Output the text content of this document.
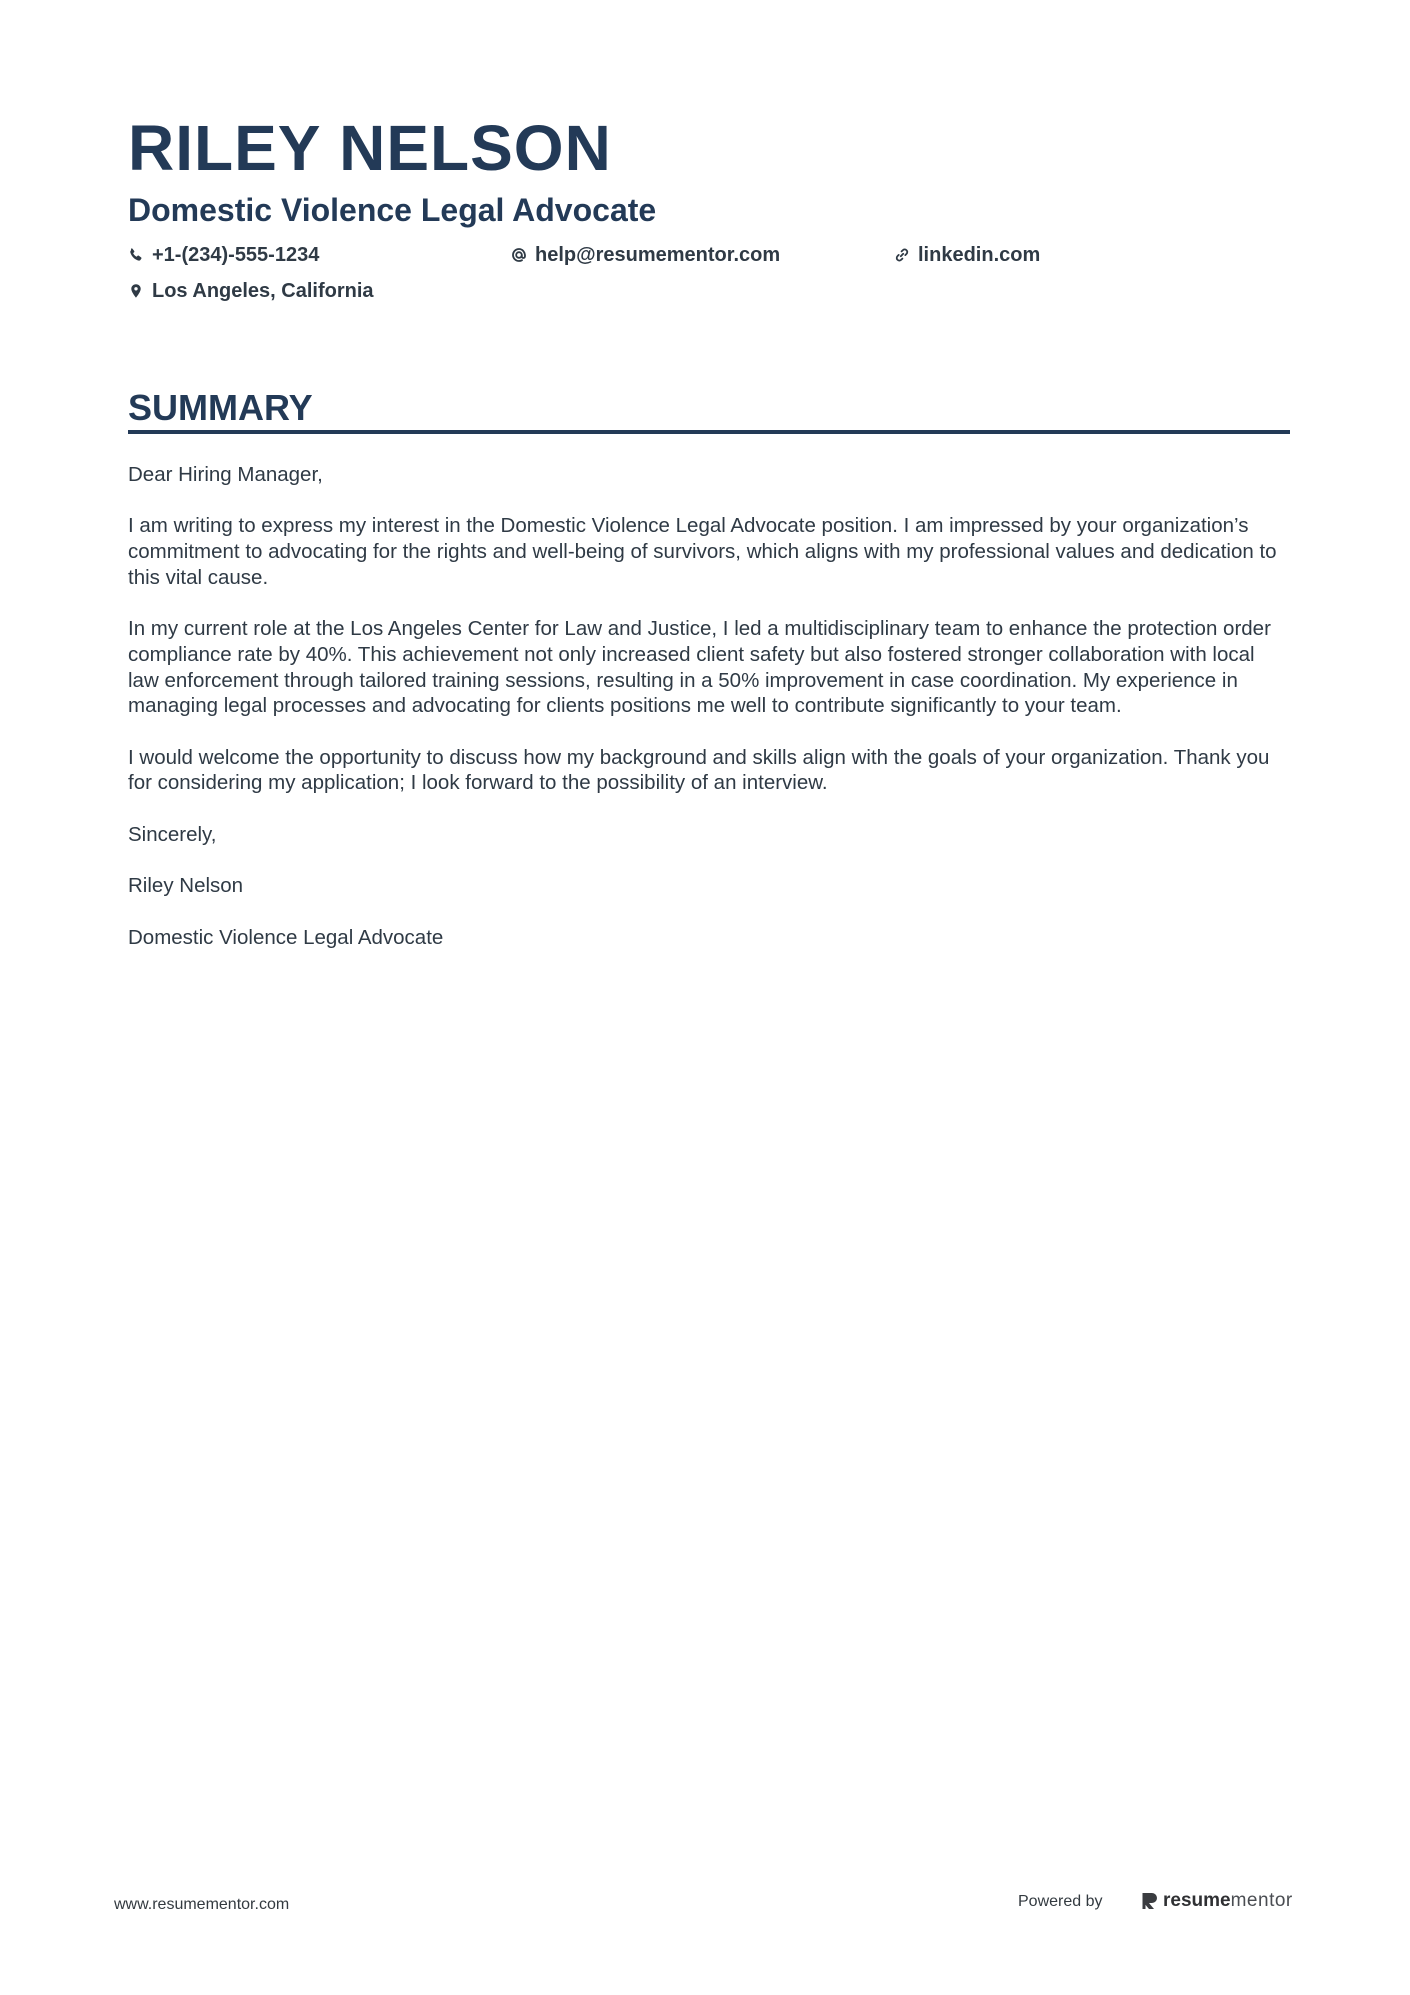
RILEY NELSON
Domestic Violence Legal Advocate
+1-(234)-555-1234	help@resumementor.com	linkedin.com
Los Angeles, California
SUMMARY

Dear Hiring Manager,

I am writing to express my interest in the Domestic Violence Legal Advocate position. I am impressed by your organization’s commitment to advocating for the rights and well-being of survivors, which aligns with my professional values and dedication to this vital cause.

In my current role at the Los Angeles Center for Law and Justice, I led a multidisciplinary team to enhance the protection order compliance rate by 40%. This achievement not only increased client safety but also fostered stronger collaboration with local law enforcement through tailored training sessions, resulting in a 50% improvement in case coordination. My experience in managing legal processes and advocating for clients positions me well to contribute significantly to your team.

I would welcome the opportunity to discuss how my background and skills align with the goals of your organization. Thank you for considering my application; I look forward to the possibility of an interview.

Sincerely,

Riley Nelson

Domestic Violence Legal Advocate

www.resumementor.com	Powered by	resumementor
